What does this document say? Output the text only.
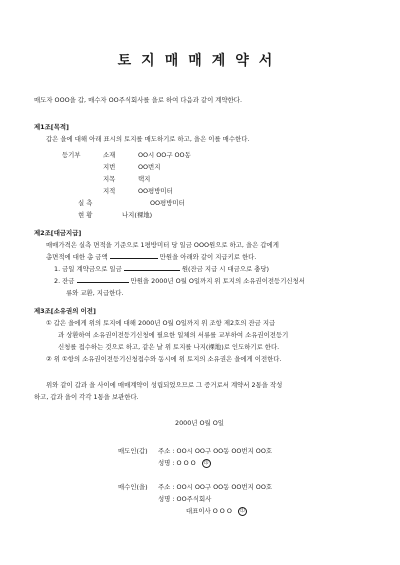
토지매매계약서
매도자 OOO을 갑, 매수자 OO주식회사를 을로 하여 다음과 같이 계약한다.
제1조[목적]
갑은 을에 대해 아래 표시의 토지를 매도하기로 하고, 을은 이를 매수한다.
등기부	소재	OO시 OO구 OO동
지번	OO번지
지목	택지
지적	OO평방미터
실 측	OO평방미터
현 황	나지(裸地)
제2조[대금지급]
매매가격은 실측 면적을 기준으로 1평방미터 당 일금 OOO원으로 하고, 을은 갑에게
총면적에 대한 총 금액	만원을 아래와 같이 지급키로 한다.
1. 금일 계약금으로 일금	원(잔금 지급 시 대금으로 충당)
2. 잔금	만원을 2000년 O월 O일까지 위 토지의 소유권이전등기신청서
류와 교환, 지급한다.
제3조[소유권의 이전]
① 갑은 을에게 위의 토지에 대해 2000년 O월 O일까지 위 조항 제2호의 잔금 지급
과 상환하여 소유권이전등기신청에 필요한 일체의 서류를 교부하여 소유권이전등기
신청를 접수하는 것으로 하고, 같은 날 위 토지를 나지(裸地)로 인도하기로 한다.
② 위 ①항의 소유권이전등기신청접수와 동시에 위 토지의 소유권은 을에게 이전한다.
위와 같이 갑과 을 사이에 매매계약이 성립되었으므로 그 증거로서 계약서 2통을 작성
하고, 갑과 을이 각각 1통을 보관한다.
2000년 O월 O일
매도인(갑) 주소 : OO시 OO구 OO동 OO번지 OO호
성명 : O O O 印
매수인(을) 주소 : OO시 OO구 OO동 OO번지 OO호
성명 : OO주식회사
대표이사 O O O 印
